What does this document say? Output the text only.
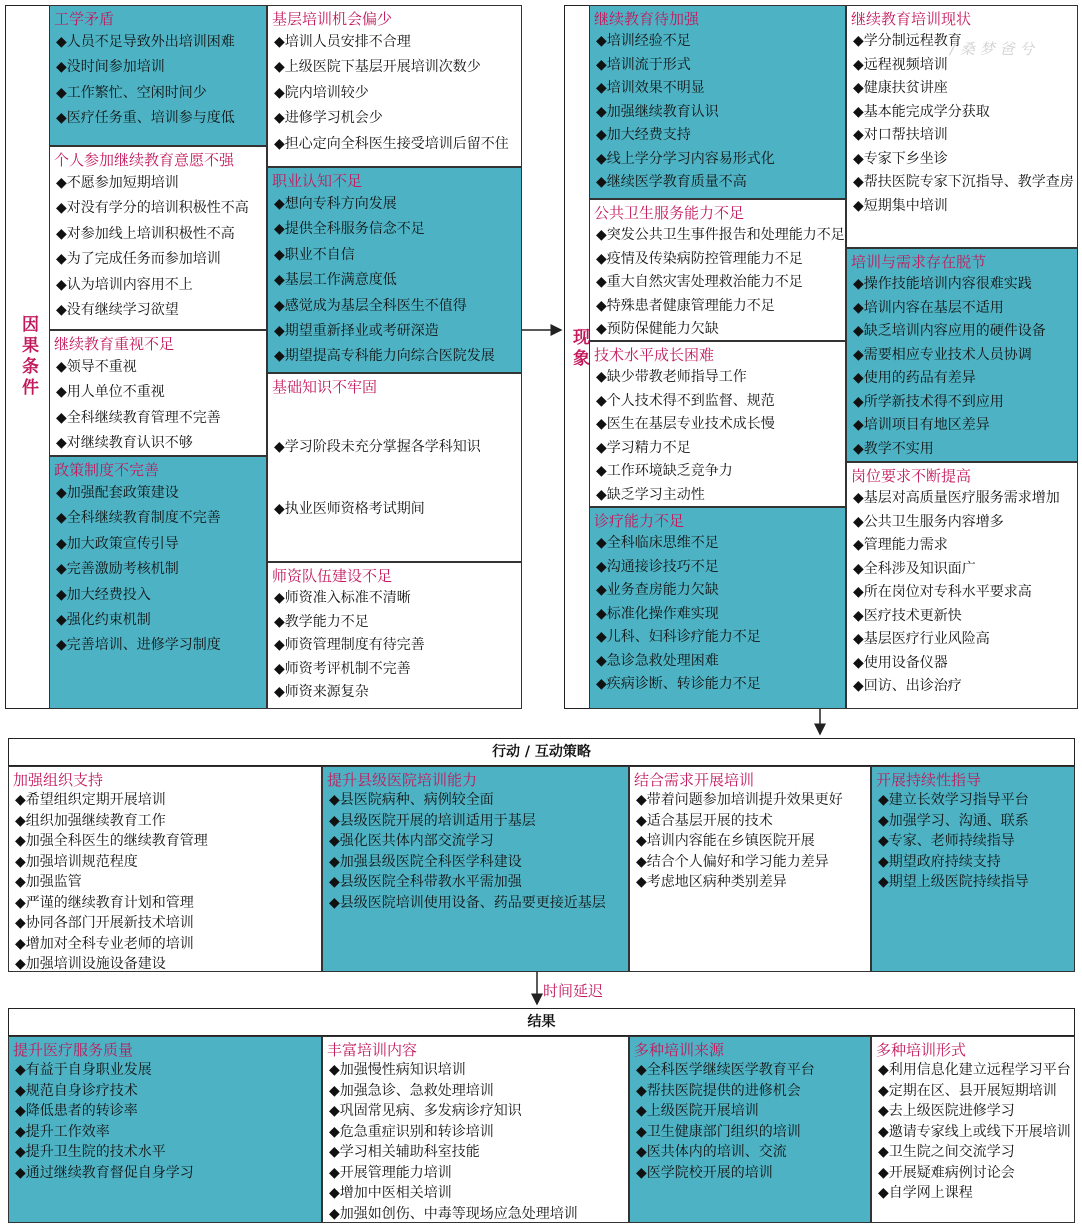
因果条件
工学矛盾
◆人员不足导致外出培训困难
◆没时间参加培训
◆工作繁忙、空闲时间少
◆医疗任务重、培训参与度低
个人参加继续教育意愿不强
◆不愿参加短期培训
◆对没有学分的培训积极性不高
◆对参加线上培训积极性不高
◆为了完成任务而参加培训
◆认为培训内容用不上
◆没有继续学习欲望
继续教育重视不足
◆领导不重视
◆用人单位不重视
◆全科继续教育管理不完善
◆对继续教育认识不够
政策制度不完善
◆加强配套政策建设
◆全科继续教育制度不完善
◆加大政策宣传引导
◆完善激励考核机制
◆加大经费投入
◆强化约束机制
◆完善培训、进修学习制度
基层培训机会偏少
◆培训人员安排不合理
◆上级医院下基层开展培训次数少
◆院内培训较少
◆进修学习机会少
◆担心定向全科医生接受培训后留不住
职业认知不足
◆想向专科方向发展
◆提供全科服务信念不足
◆职业不自信
◆基层工作满意度低
◆感觉成为基层全科医生不值得
◆期望重新择业或考研深造
◆期望提高专科能力向综合医院发展
基础知识不牢固

◆学习阶段未充分掌握各学科知识

◆执业医师资格考试期间

师资队伍建设不足
◆师资准入标准不清晰
◆教学能力不足
◆师资管理制度有待完善
◆师资考评机制不完善
◆师资来源复杂
现象
继续教育待加强
◆培训经验不足
◆培训流于形式
◆培训效果不明显
◆加强继续教育认识
◆加大经费支持
◆线上学分学习内容易形式化
◆继续医学教育质量不高
公共卫生服务能力不足
◆突发公共卫生事件报告和处理能力不足
◆疫情及传染病防控管理能力不足
◆重大自然灾害处理救治能力不足
◆特殊患者健康管理能力不足
◆预防保健能力欠缺
技术水平成长困难
◆缺少带教老师指导工作
◆个人技术得不到监督、规范
◆医生在基层专业技术成长慢
◆学习精力不足
◆工作环境缺乏竞争力
◆缺乏学习主动性
诊疗能力不足
◆全科临床思维不足
◆沟通接诊技巧不足
◆业务查房能力欠缺
◆标准化操作难实现
◆儿科、妇科诊疗能力不足
◆急诊急救处理困难
◆疾病诊断、转诊能力不足
继续教育培训现状
◆学分制远程教育
◆远程视频培训
◆健康扶贫讲座
◆基本能完成学分获取
◆对口帮扶培训
◆专家下乡坐诊
◆帮扶医院专家下沉指导、教学查房
◆短期集中培训
/ 桑 梦 爸 兮
培训与需求存在脱节
◆操作技能培训内容很难实践
◆培训内容在基层不适用
◆缺乏培训内容应用的硬件设备
◆需要相应专业技术人员协调
◆使用的药品有差异
◆所学新技术得不到应用
◆培训项目有地区差异
◆教学不实用
岗位要求不断提高
◆基层对高质量医疗服务需求增加
◆公共卫生服务内容增多
◆管理能力需求
◆全科涉及知识面广
◆所在岗位对专科水平要求高
◆医疗技术更新快
◆基层医疗行业风险高
◆使用设备仪器
◆回访、出诊治疗
行动 / 互动策略
加强组织支持
◆希望组织定期开展培训
◆组织加强继续教育工作
◆加强全科医生的继续教育管理
◆加强培训规范程度
◆加强监管
◆严谨的继续教育计划和管理
◆协同各部门开展新技术培训
◆增加对全科专业老师的培训
◆加强培训设施设备建设
提升县级医院培训能力
◆县医院病种、病例较全面
◆县级医院开展的培训适用于基层
◆强化医共体内部交流学习
◆加强县级医院全科医学科建设
◆县级医院全科带教水平需加强
◆县级医院培训使用设备、药品要更接近基层
结合需求开展培训
◆带着问题参加培训提升效果更好
◆适合基层开展的技术
◆培训内容能在乡镇医院开展
◆结合个人偏好和学习能力差异
◆考虑地区病种类别差异
开展持续性指导
◆建立长效学习指导平台
◆加强学习、沟通、联系
◆专家、老师持续指导
◆期望政府持续支持
◆期望上级医院持续指导
时间延迟
结果
提升医疗服务质量
◆有益于自身职业发展
◆规范自身诊疗技术
◆降低患者的转诊率
◆提升工作效率
◆提升卫生院的技术水平
◆通过继续教育督促自身学习
丰富培训内容
◆加强慢性病知识培训
◆加强急诊、急救处理培训
◆巩固常见病、多发病诊疗知识
◆危急重症识别和转诊培训
◆学习相关辅助科室技能
◆开展管理能力培训
◆增加中医相关培训
◆加强如创伤、中毒等现场应急处理培训
多种培训来源
◆全科医学继续医学教育平台
◆帮扶医院提供的进修机会
◆上级医院开展培训
◆卫生健康部门组织的培训
◆医共体内的培训、交流
◆医学院校开展的培训
多种培训形式
◆利用信息化建立远程学习平台
◆定期在区、县开展短期培训
◆去上级医院进修学习
◆邀请专家线上或线下开展培训
◆卫生院之间交流学习
◆开展疑难病例讨论会
◆自学网上课程
